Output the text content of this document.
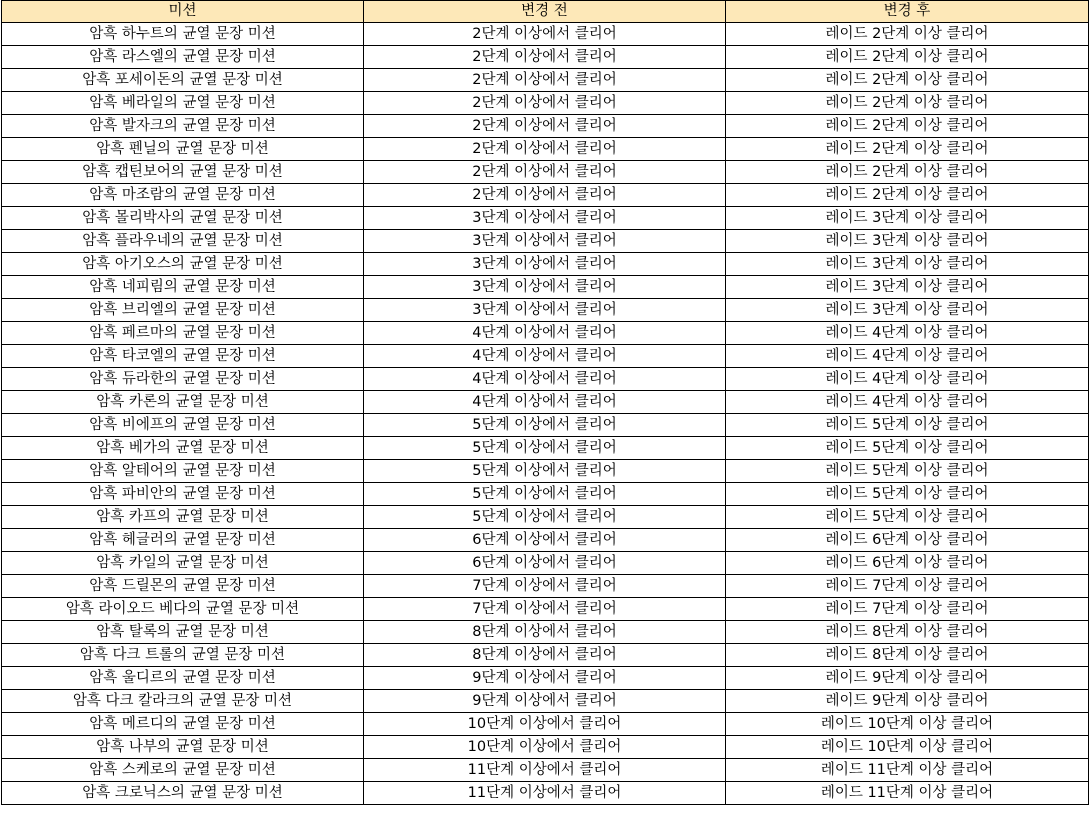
미션	변경 전	변경 후
암흑 하누트의 균열 문장 미션	2단계 이상에서 클리어	레이드 2단계 이상 클리어
암흑 라스엘의 균열 문장 미션	2단계 이상에서 클리어	레이드 2단계 이상 클리어
암흑 포세이돈의 균열 문장 미션	2단계 이상에서 클리어	레이드 2단계 이상 클리어
암흑 베라일의 균열 문장 미션	2단계 이상에서 클리어	레이드 2단계 이상 클리어
암흑 발자크의 균열 문장 미션	2단계 이상에서 클리어	레이드 2단계 이상 클리어
암흑 펜닐의 균열 문장 미션	2단계 이상에서 클리어	레이드 2단계 이상 클리어
암흑 캡틴보어의 균열 문장 미션	2단계 이상에서 클리어	레이드 2단계 이상 클리어
암흑 마조람의 균열 문장 미션	2단계 이상에서 클리어	레이드 2단계 이상 클리어
암흑 몰리박사의 균열 문장 미션	3단계 이상에서 클리어	레이드 3단계 이상 클리어
암흑 플라우네의 균열 문장 미션	3단계 이상에서 클리어	레이드 3단계 이상 클리어
암흑 아기오스의 균열 문장 미션	3단계 이상에서 클리어	레이드 3단계 이상 클리어
암흑 네피림의 균열 문장 미션	3단계 이상에서 클리어	레이드 3단계 이상 클리어
암흑 브리엘의 균열 문장 미션	3단계 이상에서 클리어	레이드 3단계 이상 클리어
암흑 페르마의 균열 문장 미션	4단계 이상에서 클리어	레이드 4단계 이상 클리어
암흑 타코엘의 균열 문장 미션	4단계 이상에서 클리어	레이드 4단계 이상 클리어
암흑 듀라한의 균열 문장 미션	4단계 이상에서 클리어	레이드 4단계 이상 클리어
암흑 카론의 균열 문장 미션	4단계 이상에서 클리어	레이드 4단계 이상 클리어
암흑 비에프의 균열 문장 미션	5단계 이상에서 클리어	레이드 5단계 이상 클리어
암흑 베가의 균열 문장 미션	5단계 이상에서 클리어	레이드 5단계 이상 클리어
암흑 알테어의 균열 문장 미션	5단계 이상에서 클리어	레이드 5단계 이상 클리어
암흑 파비안의 균열 문장 미션	5단계 이상에서 클리어	레이드 5단계 이상 클리어
암흑 카프의 균열 문장 미션	5단계 이상에서 클리어	레이드 5단계 이상 클리어
암흑 헤글러의 균열 문장 미션	6단계 이상에서 클리어	레이드 6단계 이상 클리어
암흑 카일의 균열 문장 미션	6단계 이상에서 클리어	레이드 6단계 이상 클리어
암흑 드릴몬의 균열 문장 미션	7단계 이상에서 클리어	레이드 7단계 이상 클리어
암흑 라이오드 베다의 균열 문장 미션	7단계 이상에서 클리어	레이드 7단계 이상 클리어
암흑 탈록의 균열 문장 미션	8단계 이상에서 클리어	레이드 8단계 이상 클리어
암흑 다크 트롤의 균열 문장 미션	8단계 이상에서 클리어	레이드 8단계 이상 클리어
암흑 울디르의 균열 문장 미션	9단계 이상에서 클리어	레이드 9단계 이상 클리어
암흑 다크 칼라크의 균열 문장 미션	9단계 이상에서 클리어	레이드 9단계 이상 클리어
암흑 메르디의 균열 문장 미션	10단계 이상에서 클리어	레이드 10단계 이상 클리어
암흑 나부의 균열 문장 미션	10단계 이상에서 클리어	레이드 10단계 이상 클리어
암흑 스케로의 균열 문장 미션	11단계 이상에서 클리어	레이드 11단계 이상 클리어
암흑 크로닉스의 균열 문장 미션	11단계 이상에서 클리어	레이드 11단계 이상 클리어
